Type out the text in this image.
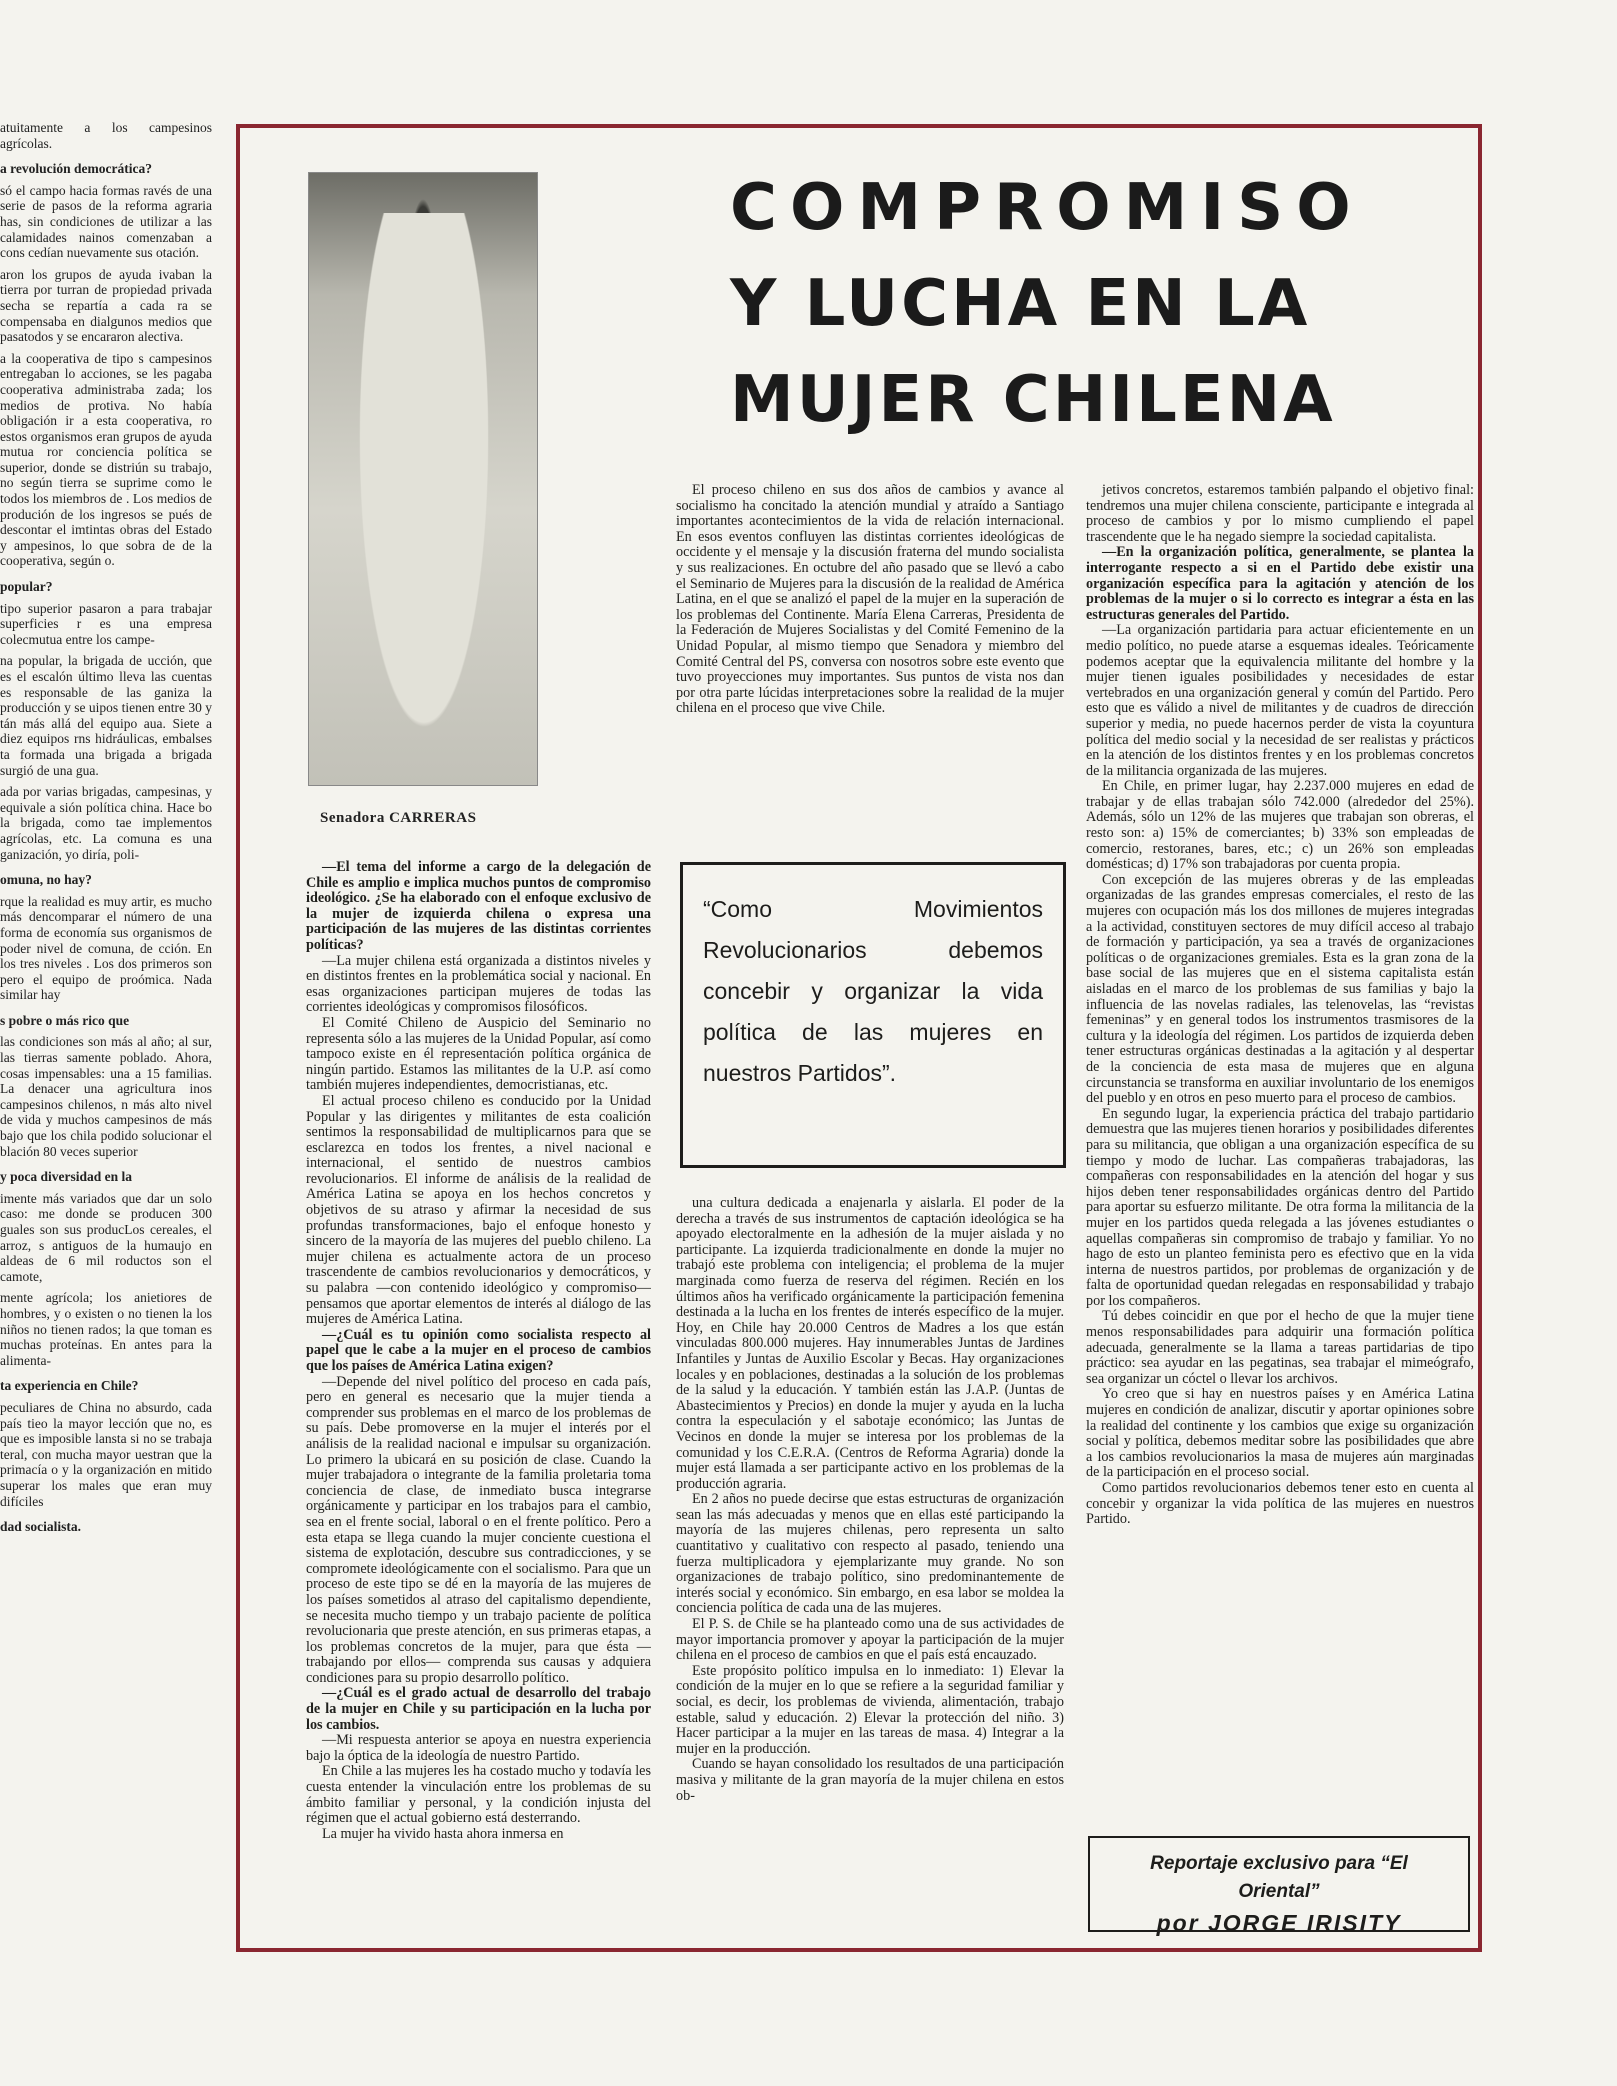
atuitamente a los campesinos agrícolas.

a revolución democrática?

só el campo hacia formas ravés de una serie de pasos de la reforma agraria has, sin condiciones de utilizar a las calamidades nainos comenzaban a cons cedían nuevamente sus otación.

aron los grupos de ayuda ivaban la tierra por turran de propiedad privada secha se repartía a cada ra se compensaba en dialgunos medios que pasatodos y se encararon alectiva.

a la cooperativa de tipo s campesinos entregaban lo acciones, se les pagaba cooperativa administraba zada; los medios de protiva. No había obligación ir a esta cooperativa, ro estos organismos eran grupos de ayuda mutua ror conciencia política se superior, donde se distriún su trabajo, no según tierra se suprime como le todos los miembros de . Los medios de produción de los ingresos se pués de descontar el imtintas obras del Estado y ampesinos, lo que sobra de de la cooperativa, según o.

popular?

tipo superior pasaron a para trabajar superficies r es una empresa colecmutua entre los campe-

na popular, la brigada de ucción, que es el escalón último lleva las cuentas es responsable de las ganiza la producción y se uipos tienen entre 30 y tán más allá del equipo aua. Siete a diez equipos rns hidráulicas, embalses ta formada una brigada a brigada surgió de una gua.

ada por varias brigadas, campesinas, y equivale a sión política china. Hace bo la brigada, como tae implementos agrícolas, etc. La comuna es una ganización, yo diría, poli-

omuna, no hay?

rque la realidad es muy artir, es mucho más dencomparar el número de una forma de economía sus organismos de poder nivel de comuna, de cción. En los tres niveles . Los dos primeros son pero el equipo de proómica. Nada similar hay

s pobre o más rico que

las condiciones son más al año; al sur, las tierras samente poblado. Ahora, cosas impensables: una a 15 familias. La denacer una agricultura inos campesinos chilenos, n más alto nivel de vida y muchos campesinos de más bajo que los chila podido solucionar el blación 80 veces superior

y poca diversidad en la

imente más variados que dar un solo caso: me donde se producen 300 guales son sus producLos cereales, el arroz, s antiguos de la humaujo en aldeas de 6 mil roductos son el camote,

mente agrícola; los anietiores de hombres, y o existen o no tienen la los niños no tienen rados; la que toman es muchas proteínas. En antes para la alimenta-

ta experiencia en Chile?

peculiares de China no absurdo, cada país tieo la mayor lección que no, es que es imposible lansta si no se trabaja teral, con mucha mayor uestran que la primacía o y la organización en mitido superar los males que eran muy difíciles

dad socialista.
Senadora CARRERAS
COMPROMISO
Y LUCHA EN LA
MUJER CHILENA

El proceso chileno en sus dos años de cambios y avance al socialismo ha concitado la atención mundial y atraído a Santiago importantes acontecimientos de la vida de relación internacional. En esos eventos confluyen las distintas corrientes ideológicas de occidente y el mensaje y la discusión fraterna del mundo socialista y sus realizaciones. En octubre del año pasado que se llevó a cabo el Seminario de Mujeres para la discusión de la realidad de América Latina, en el que se analizó el papel de la mujer en la superación de los problemas del Continente. María Elena Carreras, Presidenta de la Federación de Mujeres Socialistas y del Comité Femenino de la Unidad Popular, al mismo tiempo que Senadora y miembro del Comité Central del PS, conversa con nosotros sobre este evento que tuvo proyecciones muy importantes. Sus puntos de vista nos dan por otra parte lúcidas interpretaciones sobre la realidad de la mujer chilena en el proceso que vive Chile.

“Como Movimientos Revolucionarios debemos concebir y organizar la vida política de las mujeres en nuestros Partidos”.

—El tema del informe a cargo de la delegación de Chile es amplio e implica muchos puntos de compromiso ideológico. ¿Se ha elaborado con el enfoque exclusivo de la mujer de izquierda chilena o expresa una participación de las mujeres de las distintas corrientes políticas?

—La mujer chilena está organizada a distintos niveles y en distintos frentes en la problemática social y nacional. En esas organizaciones participan mujeres de todas las corrientes ideológicas y compromisos filosóficos.

El Comité Chileno de Auspicio del Seminario no representa sólo a las mujeres de la Unidad Popular, así como tampoco existe en él representación política orgánica de ningún partido. Estamos las militantes de la U.P. así como también mujeres independientes, democristianas, etc.

El actual proceso chileno es conducido por la Unidad Popular y las dirigentes y militantes de esta coalición sentimos la responsabilidad de multiplicarnos para que se esclarezca en todos los frentes, a nivel nacional e internacional, el sentido de nuestros cambios revolucionarios. El informe de análisis de la realidad de América Latina se apoya en los hechos concretos y objetivos de su atraso y afirmar la necesidad de sus profundas transformaciones, bajo el enfoque honesto y sincero de la mayoría de las mujeres del pueblo chileno. La mujer chilena es actualmente actora de un proceso trascendente de cambios revolucionarios y democráticos, y su palabra —con contenido ideológico y compromiso— pensamos que aportar elementos de interés al diálogo de las mujeres de América Latina.

—¿Cuál es tu opinión como socialista respecto al papel que le cabe a la mujer en el proceso de cambios que los países de América Latina exigen?

—Depende del nivel político del proceso en cada país, pero en general es necesario que la mujer tienda a comprender sus problemas en el marco de los problemas de su país. Debe promoverse en la mujer el interés por el análisis de la realidad nacional e impulsar su organización. Lo primero la ubicará en su posición de clase. Cuando la mujer trabajadora o integrante de la familia proletaria toma conciencia de clase, de inmediato busca integrarse orgánicamente y participar en los trabajos para el cambio, sea en el frente social, laboral o en el frente político. Pero a esta etapa se llega cuando la mujer conciente cuestiona el sistema de explotación, descubre sus contradicciones, y se compromete ideológicamente con el socialismo. Para que un proceso de este tipo se dé en la mayoría de las mujeres de los países sometidos al atraso del capitalismo dependiente, se necesita mucho tiempo y un trabajo paciente de política revolucionaria que preste atención, en sus primeras etapas, a los problemas concretos de la mujer, para que ésta —trabajando por ellos— comprenda sus causas y adquiera condiciones para su propio desarrollo político.

—¿Cuál es el grado actual de desarrollo del trabajo de la mujer en Chile y su participación en la lucha por los cambios.

—Mi respuesta anterior se apoya en nuestra experiencia bajo la óptica de la ideología de nuestro Partido.

En Chile a las mujeres les ha costado mucho y todavía les cuesta entender la vinculación entre los problemas de su ámbito familiar y personal, y la condición injusta del régimen que el actual gobierno está desterrando.

La mujer ha vivido hasta ahora inmersa en

una cultura dedicada a enajenarla y aislarla. El poder de la derecha a través de sus instrumentos de captación ideológica se ha apoyado electoralmente en la adhesión de la mujer aislada y no participante. La izquierda tradicionalmente en donde la mujer no trabajó este problema con inteligencia; el problema de la mujer marginada como fuerza de reserva del régimen. Recién en los últimos años ha verificado orgánicamente la participación femenina destinada a la lucha en los frentes de interés específico de la mujer. Hoy, en Chile hay 20.000 Centros de Madres a los que están vinculadas 800.000 mujeres. Hay innumerables Juntas de Jardines Infantiles y Juntas de Auxilio Escolar y Becas. Hay organizaciones locales y en poblaciones, destinadas a la solución de los problemas de la salud y la educación. Y también están las J.A.P. (Juntas de Abastecimientos y Precios) en donde la mujer y ayuda en la lucha contra la especulación y el sabotaje económico; las Juntas de Vecinos en donde la mujer se interesa por los problemas de la comunidad y los C.E.R.A. (Centros de Reforma Agraria) donde la mujer está llamada a ser participante activo en los problemas de la producción agraria.

En 2 años no puede decirse que estas estructuras de organización sean las más adecuadas y menos que en ellas esté participando la mayoría de las mujeres chilenas, pero representa un salto cuantitativo y cualitativo con respecto al pasado, teniendo una fuerza multiplicadora y ejemplarizante muy grande. No son organizaciones de trabajo político, sino predominantemente de interés social y económico. Sin embargo, en esa labor se moldea la conciencia política de cada una de las mujeres.

El P. S. de Chile se ha planteado como una de sus actividades de mayor importancia promover y apoyar la participación de la mujer chilena en el proceso de cambios en que el país está encauzado.

Este propósito político impulsa en lo inmediato: 1) Elevar la condición de la mujer en lo que se refiere a la seguridad familiar y social, es decir, los problemas de vivienda, alimentación, trabajo estable, salud y educación. 2) Elevar la protección del niño. 3) Hacer participar a la mujer en las tareas de masa. 4) Integrar a la mujer en la producción.

Cuando se hayan consolidado los resultados de una participación masiva y militante de la gran mayoría de la mujer chilena en estos ob-

jetivos concretos, estaremos también palpando el objetivo final: tendremos una mujer chilena consciente, participante e integrada al proceso de cambios y por lo mismo cumpliendo el papel trascendente que le ha negado siempre la sociedad capitalista.

—En la organización política, generalmente, se plantea la interrogante respecto a si en el Partido debe existir una organización específica para la agitación y atención de los problemas de la mujer o si lo correcto es integrar a ésta en las estructuras generales del Partido.

—La organización partidaria para actuar eficientemente en un medio político, no puede atarse a esquemas ideales. Teóricamente podemos aceptar que la equivalencia militante del hombre y la mujer tienen iguales posibilidades y necesidades de estar vertebrados en una organización general y común del Partido. Pero esto que es válido a nivel de militantes y de cuadros de dirección superior y media, no puede hacernos perder de vista la coyuntura política del medio social y la necesidad de ser realistas y prácticos en la atención de los distintos frentes y en los problemas concretos de la militancia organizada de las mujeres.

En Chile, en primer lugar, hay 2.237.000 mujeres en edad de trabajar y de ellas trabajan sólo 742.000 (alrededor del 25%). Además, sólo un 12% de las mujeres que trabajan son obreras, el resto son: a) 15% de comerciantes; b) 33% son empleadas de comercio, restoranes, bares, etc.; c) un 26% son empleadas domésticas; d) 17% son trabajadoras por cuenta propia.

Con excepción de las mujeres obreras y de las empleadas organizadas de las grandes empresas comerciales, el resto de las mujeres con ocupación más los dos millones de mujeres integradas a la actividad, constituyen sectores de muy difícil acceso al trabajo de formación y participación, ya sea a través de organizaciones políticas o de organizaciones gremiales. Esta es la gran zona de la base social de las mujeres que en el sistema capitalista están aisladas en el marco de los problemas de sus familias y bajo la influencia de las novelas radiales, las telenovelas, las “revistas femeninas” y en general todos los instrumentos trasmisores de la cultura y la ideología del régimen. Los partidos de izquierda deben tener estructuras orgánicas destinadas a la agitación y al despertar de la conciencia de esta masa de mujeres que en alguna circunstancia se transforma en auxiliar involuntario de los enemigos del pueblo y en otros en peso muerto para el proceso de cambios.

En segundo lugar, la experiencia práctica del trabajo partidario demuestra que las mujeres tienen horarios y posibilidades diferentes para su militancia, que obligan a una organización específica de su tiempo y modo de luchar. Las compañeras trabajadoras, las compañeras con responsabilidades en la atención del hogar y sus hijos deben tener responsabilidades orgánicas dentro del Partido para aportar su esfuerzo militante. De otra forma la militancia de la mujer en los partidos queda relegada a las jóvenes estudiantes o aquellas compañeras sin compromiso de trabajo y familiar. Yo no hago de esto un planteo feminista pero es efectivo que en la vida interna de nuestros partidos, por problemas de organización y de falta de oportunidad quedan relegadas en responsabilidad y trabajo por los compañeros.

Tú debes coincidir en que por el hecho de que la mujer tiene menos responsabilidades para adquirir una formación política adecuada, generalmente se la llama a tareas partidarias de tipo práctico: sea ayudar en las pegatinas, sea trabajar el mimeógrafo, sea organizar un cóctel o llevar los archivos.

Yo creo que si hay en nuestros países y en América Latina mujeres en condición de analizar, discutir y aportar opiniones sobre la realidad del continente y los cambios que exige su organización social y política, debemos meditar sobre las posibilidades que abre a los cambios revolucionarios la masa de mujeres aún marginadas de la participación en el proceso social.

Como partidos revolucionarios debemos tener esto en cuenta al concebir y organizar la vida política de las mujeres en nuestros Partido.

Reportaje exclusivo para “El Oriental”
por JORGE IRISITY
